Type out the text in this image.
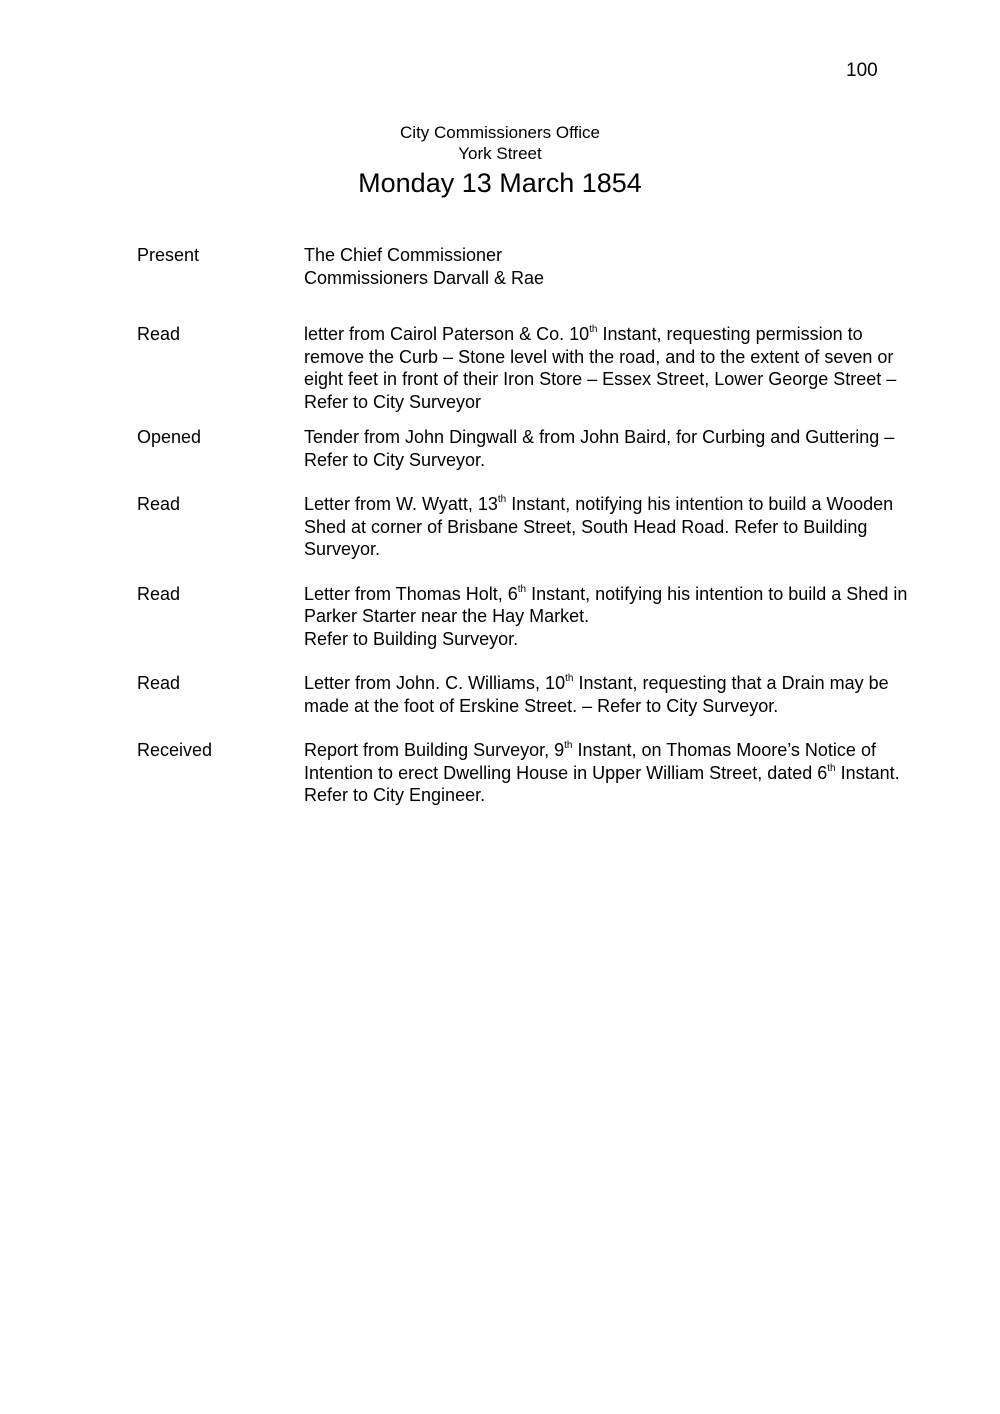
100
City Commissioners Office
York Street
Monday 13 March 1854
Present	The Chief Commissioner

Commissioners Darvall & Rae

Read	letter from Cairol Paterson & Co. 10th Instant, requesting permission to remove the Curb – Stone level with the road, and to the extent of seven or eight feet in front of their Iron Store – Essex Street, Lower George Street – Refer to City Surveyor

Opened	Tender from John Dingwall & from John Baird, for Curbing and Guttering – Refer to City Surveyor.

Read	Letter from W. Wyatt, 13th Instant, notifying his intention to build a Wooden Shed at corner of Brisbane Street, South Head Road. Refer to Building Surveyor.

Read	Letter from Thomas Holt, 6th Instant, notifying his intention to build a Shed in Parker Starter near the Hay Market.

Refer to Building Surveyor.

Read	Letter from John. C. Williams, 10th Instant, requesting that a Drain may be made at the foot of Erskine Street. – Refer to City Surveyor.

Received	Report from Building Surveyor, 9th Instant, on Thomas Moore’s Notice of Intention to erect Dwelling House in Upper William Street, dated 6th Instant.

Refer to City Engineer.
